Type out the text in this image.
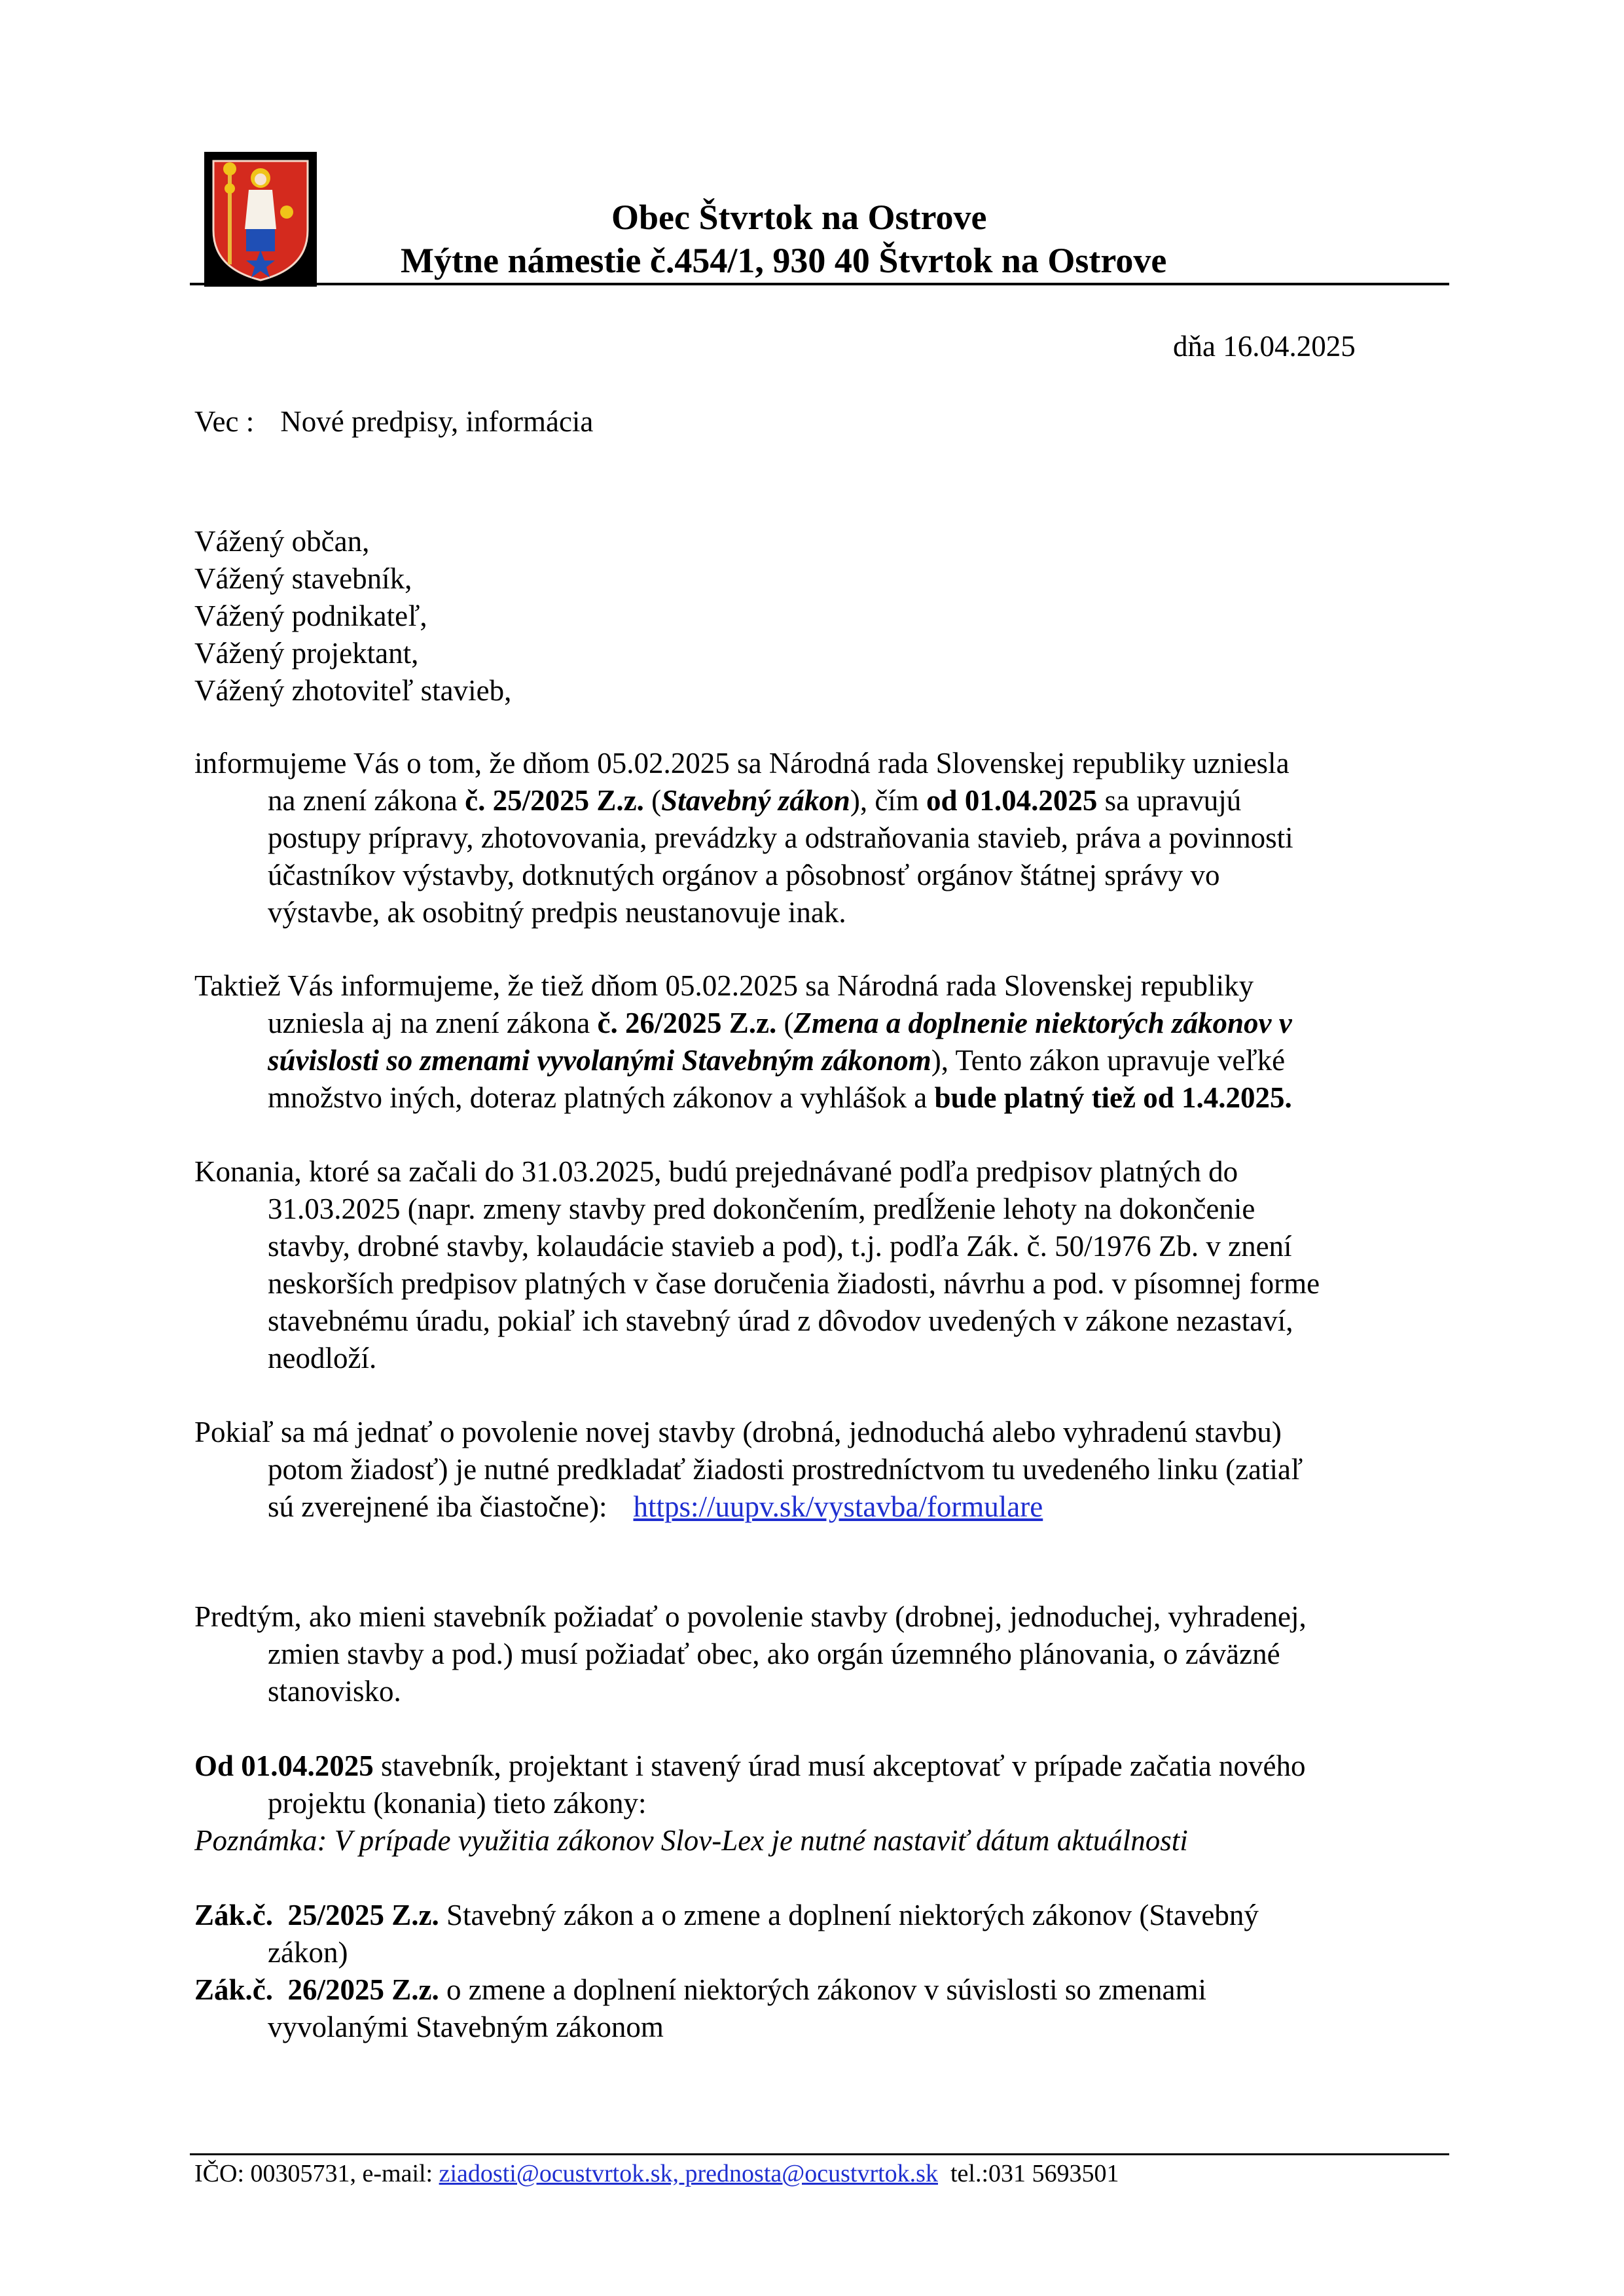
Obec Štvrtok na Ostrove
Mýtne námestie č.454/1, 930 40 Štvrtok na Ostrove
dňa 16.04.2025
Vec : Nové predpisy, informácia
Vážený občan,
Vážený stavebník,
Vážený podnikateľ,
Vážený projektant,
Vážený zhotoviteľ stavieb,
informujeme Vás o tom, že dňom 05.02.2025 sa Národná rada Slovenskej republiky uzniesla
na znení zákona č. 25/2025 Z.z. (Stavebný zákon), čím od 01.04.2025 sa upravujú
postupy prípravy, zhotovovania, prevádzky a odstraňovania stavieb, práva a povinnosti
účastníkov výstavby, dotknutých orgánov a pôsobnosť orgánov štátnej správy vo
výstavbe, ak osobitný predpis neustanovuje inak.
Taktiež Vás informujeme, že tiež dňom 05.02.2025 sa Národná rada Slovenskej republiky
uzniesla aj na znení zákona č. 26/2025 Z.z. (Zmena a doplnenie niektorých zákonov v
súvislosti so zmenami vyvolanými Stavebným zákonom), Tento zákon upravuje veľké
množstvo iných, doteraz platných zákonov a vyhlášok a bude platný tiež od 1.4.2025.
Konania, ktoré sa začali do 31.03.2025, budú prejednávané podľa predpisov platných do
31.03.2025 (napr. zmeny stavby pred dokončením, predĺženie lehoty na dokončenie
stavby, drobné stavby, kolaudácie stavieb a pod), t.j. podľa Zák. č. 50/1976 Zb. v znení
neskorších predpisov platných v čase doručenia žiadosti, návrhu a pod. v písomnej forme
stavebnému úradu, pokiaľ ich stavebný úrad z dôvodov uvedených v zákone nezastaví,
neodloží.
Pokiaľ sa má jednať o povolenie novej stavby (drobná, jednoduchá alebo vyhradenú stavbu)
potom žiadosť) je nutné predkladať žiadosti prostredníctvom tu uvedeného linku (zatiaľ
sú zverejnené iba čiastočne): https://uupv.sk/vystavba/formulare
Predtým, ako mieni stavebník požiadať o povolenie stavby (drobnej, jednoduchej, vyhradenej,
zmien stavby a pod.) musí požiadať obec, ako orgán územného plánovania, o záväzné
stanovisko.
Od 01.04.2025 stavebník, projektant i stavený úrad musí akceptovať v prípade začatia nového
projektu (konania) tieto zákony:
Poznámka: V prípade využitia zákonov Slov-Lex je nutné nastaviť dátum aktuálnosti
Zák.č.  25/2025 Z.z. Stavebný zákon a o zmene a doplnení niektorých zákonov (Stavebný
zákon)
Zák.č.  26/2025 Z.z. o zmene a doplnení niektorých zákonov v súvislosti so zmenami
vyvolanými Stavebným zákonom
IČO: 00305731, e-mail: ziadosti@ocustvrtok.sk, prednosta@ocustvrtok.sk  tel.:031 5693501
